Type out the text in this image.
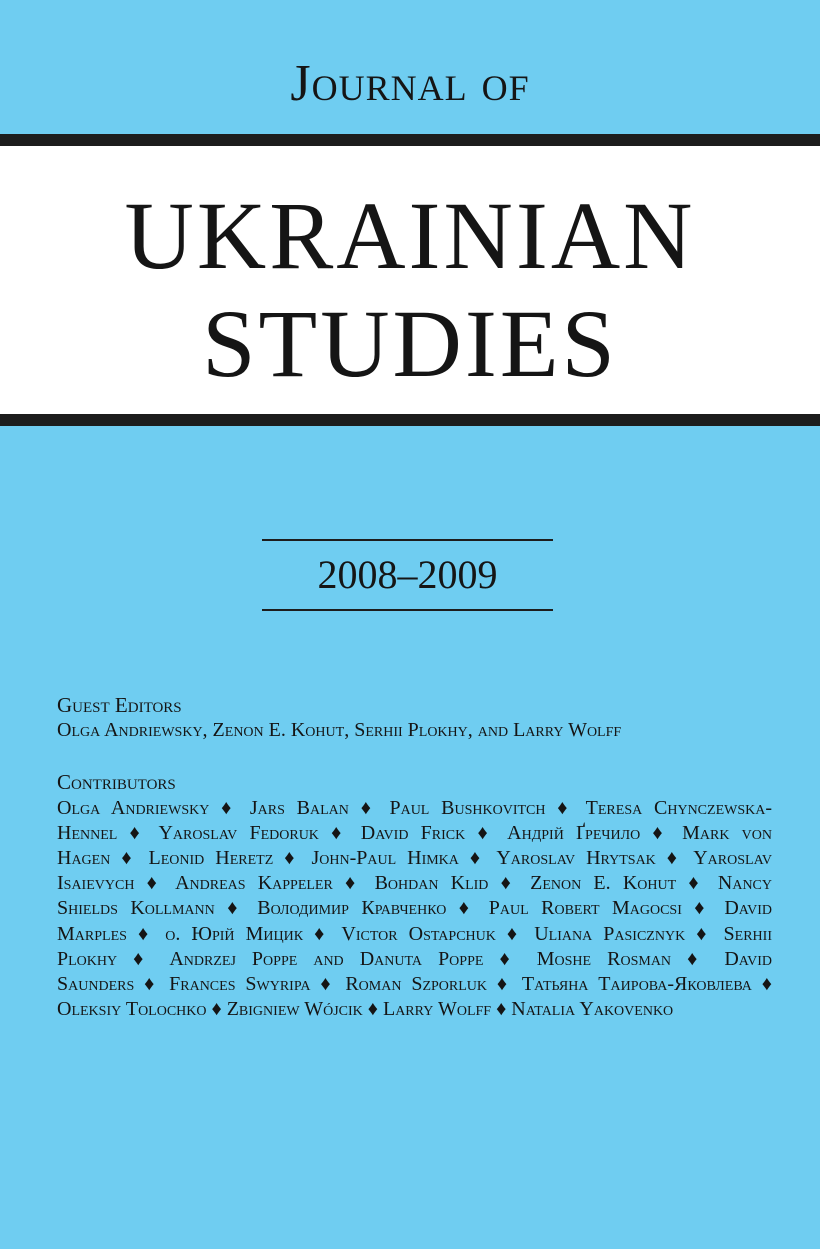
Journal of
UKRAINIAN
STUDIES
2008–2009
Guest Editors
Olga Andriewsky, Zenon E. Kohut, Serhii Plokhy, and Larry Wolff
Contributors
Olga Andriewsky ♦ Jars Balan ♦ Paul Bushkovitch ♦ Teresa Chynczewska-
Hennel ♦ Yaroslav Fedoruk ♦ David Frick ♦ Андрій Ґречило ♦ Mark von
Hagen ♦ Leonid Heretz ♦ John-Paul Himka ♦ Yaroslav Hrytsak ♦ Yaroslav
Isaievych ♦ Andreas Kappeler ♦ Bohdan Klid ♦ Zenon E. Kohut ♦ Nancy
Shields Kollmann ♦ Володимир Кравченко ♦ Paul Robert Magocsi ♦ David
Marples ♦ о. Юрій Мицик ♦ Victor Ostapchuk ♦ Uliana Pasicznyk ♦ Serhii
Plokhy ♦ Andrzej Poppe and Danuta Poppe ♦ Moshe Rosman ♦ David
Saunders ♦ Frances Swyripa ♦ Roman Szporluk ♦ Татьяна Таирова-Яковлева ♦
Oleksiy Tolochko ♦ Zbigniew Wójcik ♦ Larry Wolff ♦ Natalia Yakovenko
